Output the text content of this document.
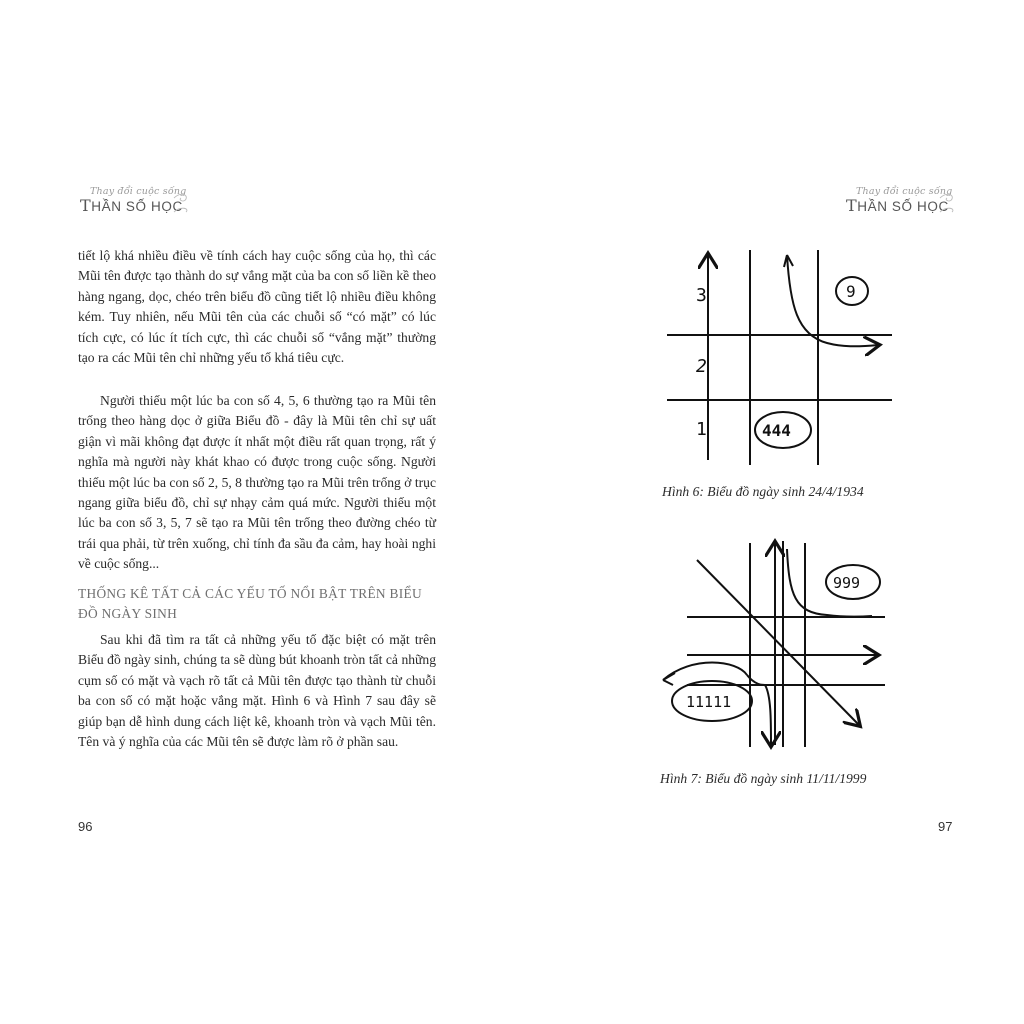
Thay đổi cuộc sống
THẦN SỐ HỌC

tiết lộ khá nhiều điều về tính cách hay cuộc sống của họ, thì các Mũi tên được tạo thành do sự vắng mặt của ba con số liền kề theo hàng ngang, dọc, chéo trên biểu đồ cũng tiết lộ nhiều điều không kém. Tuy nhiên, nếu Mũi tên của các chuỗi số “có mặt” có lúc tích cực, có lúc ít tích cực, thì các chuỗi số “vắng mặt” thường tạo ra các Mũi tên chỉ những yếu tố khá tiêu cực.

Người thiếu một lúc ba con số 4, 5, 6 thường tạo ra Mũi tên trống theo hàng dọc ở giữa Biểu đồ - đây là Mũi tên chỉ sự uất giận vì mãi không đạt được ít nhất một điều rất quan trọng, rất ý nghĩa mà người này khát khao có được trong cuộc sống. Người thiếu một lúc ba con số 2, 5, 8 thường tạo ra Mũi trên trống ở trục ngang giữa biểu đồ, chỉ sự nhạy cảm quá mức. Người thiếu một lúc ba con số 3, 5, 7 sẽ tạo ra Mũi tên trống theo đường chéo từ trái qua phải, từ trên xuống, chỉ tính đa sầu đa cảm, hay hoài nghi về cuộc sống...

THỐNG KÊ TẤT CẢ CÁC YẾU TỐ NỔI BẬT TRÊN BIỂU ĐỒ NGÀY SINH

Sau khi đã tìm ra tất cả những yếu tố đặc biệt có mặt trên Biểu đồ ngày sinh, chúng ta sẽ dùng bút khoanh tròn tất cả những cụm số có mặt và vạch rõ tất cả Mũi tên được tạo thành từ chuỗi ba con số có mặt hoặc vắng mặt. Hình 6 và Hình 7 sau đây sẽ giúp bạn dễ hình dung cách liệt kê, khoanh tròn và vạch Mũi tên. Tên và ý nghĩa của các Mũi tên sẽ được làm rõ ở phần sau.

96
Thay đổi cuộc sống
THẦN SỐ HỌC
3
2
1
9
444
Hình 6: Biểu đồ ngày sinh 24/4/1934
999
11111
Hình 7: Biểu đồ ngày sinh 11/11/1999
97
